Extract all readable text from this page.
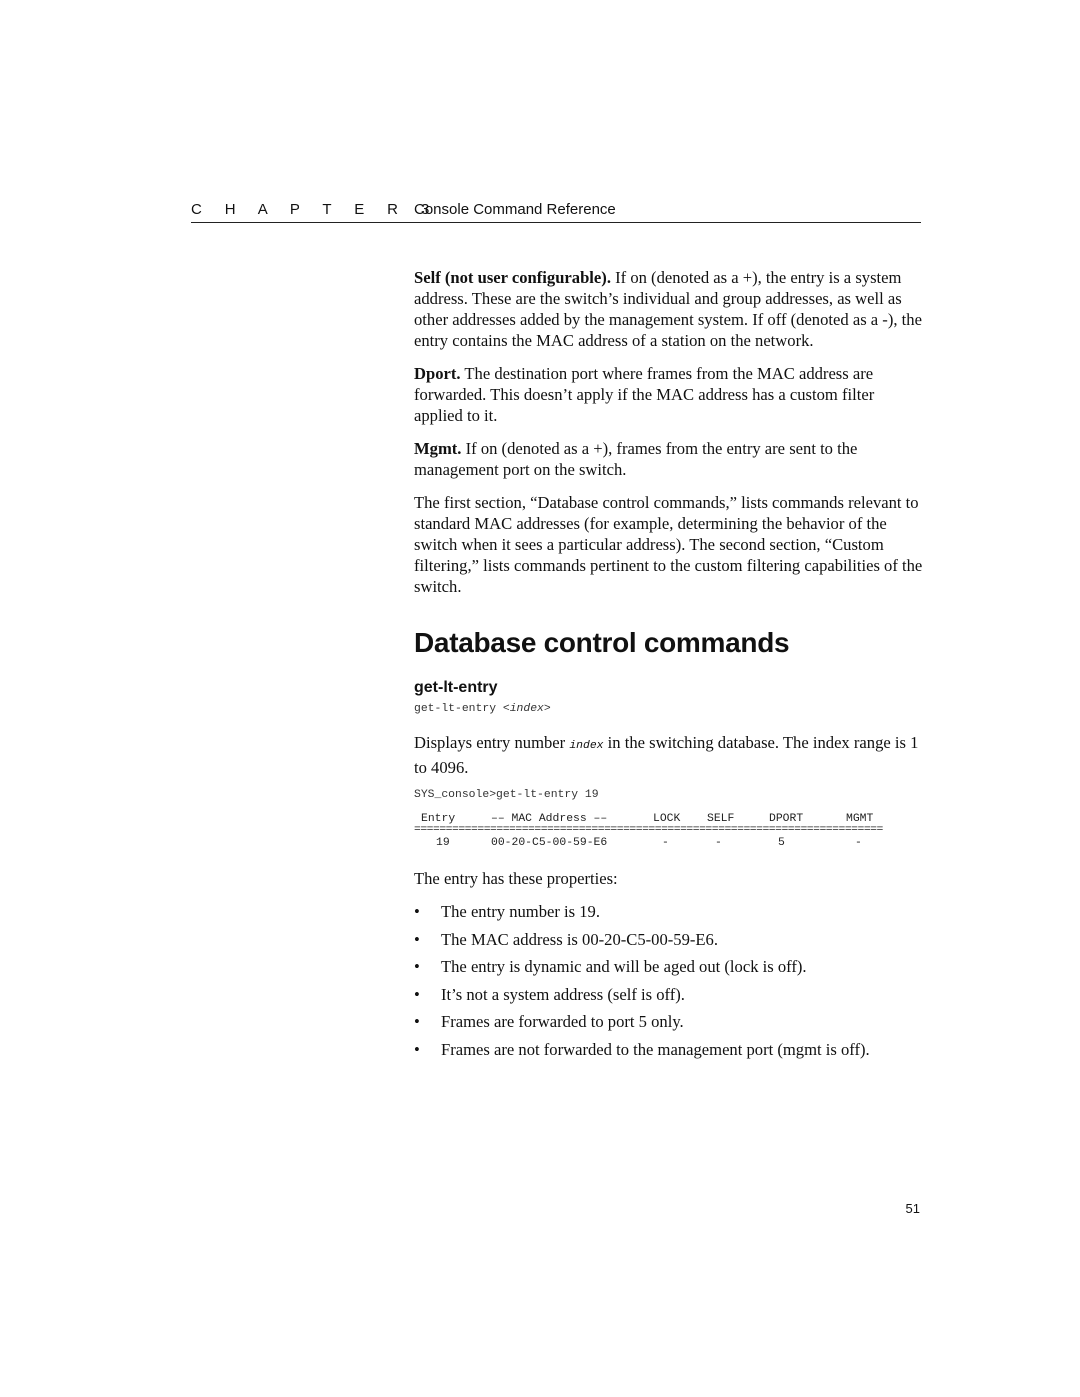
C H A P T E R 3
Console Command Reference

Self (not user configurable). If on (denoted as a +), the entry is a system address. These are the switch’s individual and group addresses, as well as other addresses added by the management system. If off (denoted as a -), the entry contains the MAC address of a station on the network.

Dport. The destination port where frames from the MAC address are forwarded. This doesn’t apply if the MAC address has a custom filter applied to it.

Mgmt. If on (denoted as a +), frames from the entry are sent to the management port on the switch.

The first section, “Database control commands,” lists commands relevant to standard MAC addresses (for example, determining the behavior of the switch when it sees a particular address). The second section, “Custom filtering,” lists commands pertinent to the custom filtering capabilities of the switch.

Database control commands
get-lt-entry
get-lt-entry <index>

Displays entry number index in the switching database. The index range is 1 to 4096.

SYS_console>get-lt-entry 19
Entry	–– MAC Address ––	LOCK SELF	DPORT	MGMT
==========================================================================
19	00-20-C5-00-59-E6	-	-	5	-

The entry has these properties:

• The entry number is 19.
• The MAC address is 00-20-C5-00-59-E6.
• The entry is dynamic and will be aged out (lock is off).
• It’s not a system address (self is off).
• Frames are forwarded to port 5 only.
• Frames are not forwarded to the management port (mgmt is off).
51
